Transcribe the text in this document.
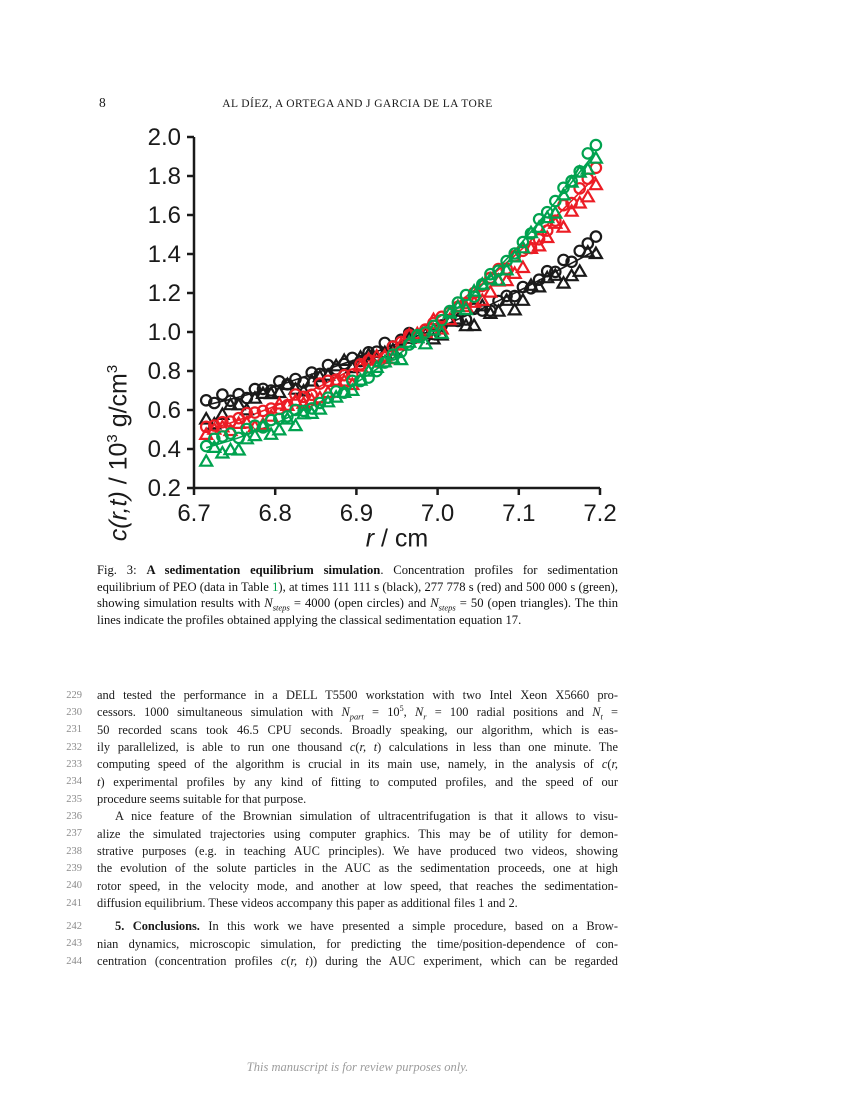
8	AL DÍEZ, A ORTEGA AND J GARCIA DE LA TORE
6.7 6.8 6.9 7.0 7.1 7.2
0.2
0.4
0.6
0.8
1.0
1.2
1.4
1.6
1.8
2.0
$c(r,t) / 10^3$ $g/cm^3$
r / cm
Fig. 3: A sedimentation equilibrium simulation. Concentration profiles for sedimentation equilibrium of PEO (data in Table 1), at times 111 111 s (black), 277 778 s (red) and 500 000 s (green), showing simulation results with $N_{steps} = 4000$ (open circles) and $N_{steps} = 50$ (open triangles). The thin lines indicate the profiles obtained applying the classical sedimentation equation 17.
229 and tested the performance in a DELL T5500 workstation with two Intel Xeon X5660 pro-
230 cessors. 1000 simultaneous simulation with $N_{part} = 10^5$, $N_r = 100$ radial positions and $N_t$ =
231 50 recorded scans took 46.5 CPU seconds. Broadly speaking, our algorithm, which is eas-
232 ily parallelized, is able to run one thousand c(r, t) calculations in less than one minute. The
233 computing speed of the algorithm is crucial in its main use, namely, in the analysis of c(r,
234 t) experimental profiles by any kind of fitting to computed profiles, and the speed of our
235 procedure seems suitable for that purpose.
236	A nice feature of the Brownian simulation of ultracentrifugation is that it allows to visu-
237 alize the simulated trajectories using computer graphics. This may be of utility for demon-
238 strative purposes (e.g. in teaching AUC principles). We have produced two videos, showing
239 the evolution of the solute particles in the AUC as the sedimentation proceeds, one at high
240 rotor speed, in the velocity mode, and another at low speed, that reaches the sedimentation-
241 diffusion equilibrium. These videos accompany this paper as additional files 1 and 2.
242	5. Conclusions. In this work we have presented a simple procedure, based on a Brow-
243 nian dynamics, microscopic simulation, for predicting the time/position-dependence of con-
244 centration (concentration profiles c(r, t)) during the AUC experiment, which can be regarded
This manuscript is for review purposes only.
